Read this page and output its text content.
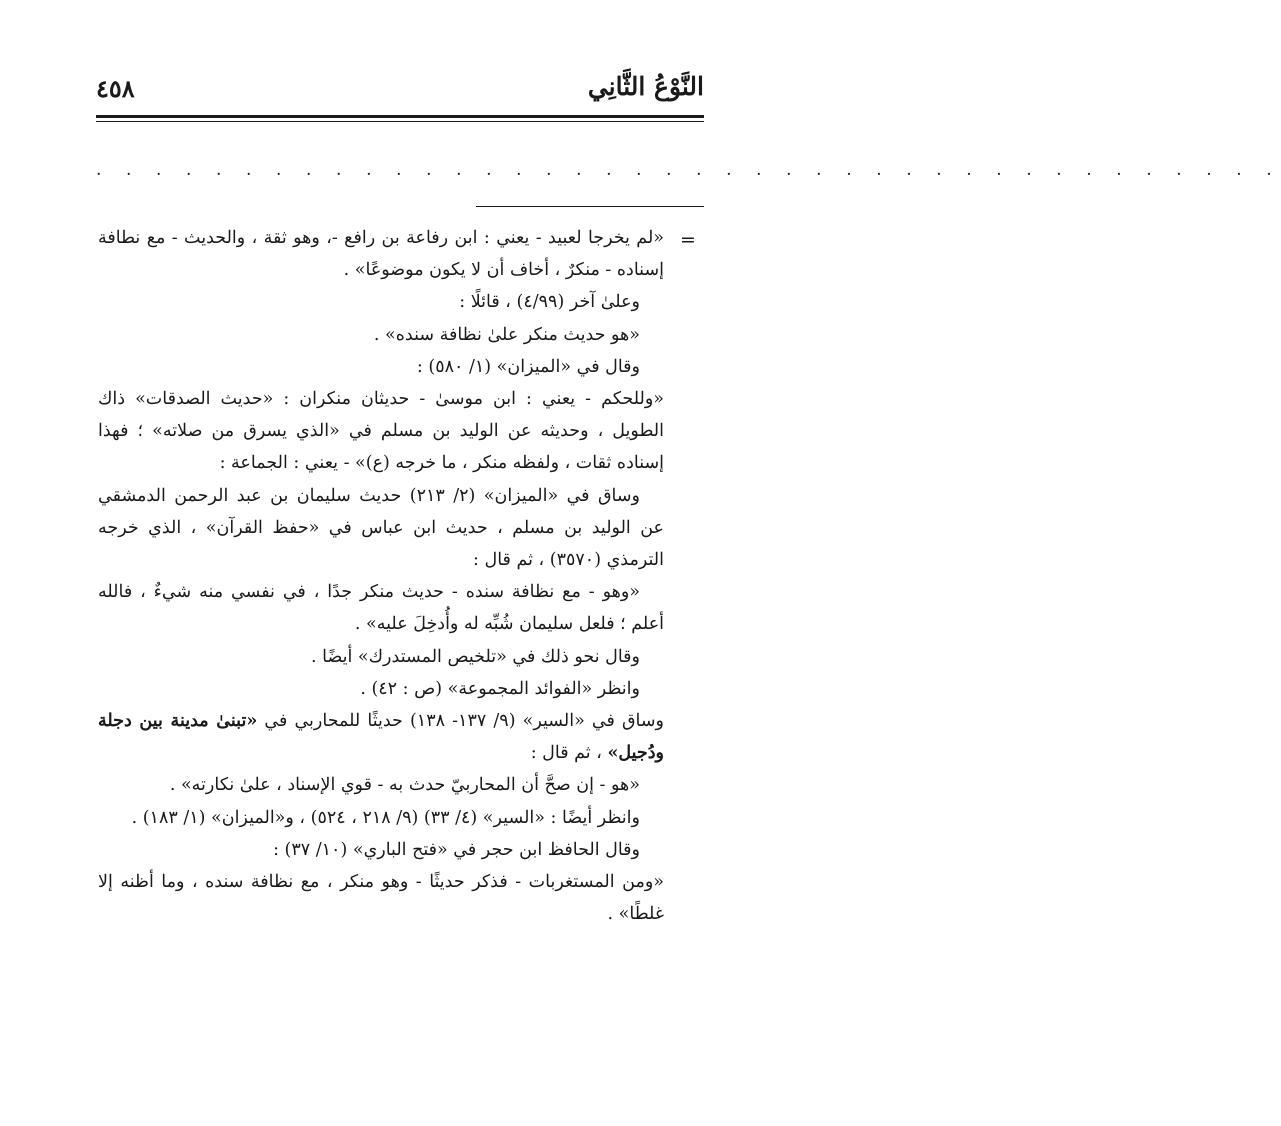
النَّوْعُ الثَّانِي
٤٥٨
. . . . . . . . . . . . . . . . . . . . . . . . . . . . . . . . . . . . . . . .
=

«لم يخرجا لعبيد - يعني : ابن رفاعة بن رافع -، وهو ثقة ، والحديث - مع نطافة إسناده - منكرٌ ، أخاف أن لا يكون موضوعًا» .

وعلىٰ آخر (٤/٩٩) ، قائلًا :

«هو حديث منكر علىٰ نظافة سنده» .

وقال في «الميزان» (١/ ٥٨٠) :

«وللحكم - يعني : ابن موسىٰ - حديثان منكران : «حديث الصدقات» ذاك الطويل ، وحديثه عن الوليد بن مسلم في «الذي يسرق من صلاته» ؛ فهذا إسناده ثقات ، ولفظه منكر ، ما خرجه (ع)» - يعني : الجماعة :

وساق في «الميزان» (٢/ ٢١٣) حديث سليمان بن عبد الرحمن الدمشقي عن الوليد بن مسلم ، حديث ابن عباس في «حفظ القرآن» ، الذي خرجه الترمذي (٣٥٧٠) ، ثم قال :

«وهو - مع نظافة سنده - حديث منكر جدًا ، في نفسي منه شيءٌ ، فالله أعلم ؛ فلعل سليمان شُبِّه له وأُدخِلَ عليه» .

وقال نحو ذلك في «تلخيص المستدرك» أيضًا .

وانظر «الفوائد المجموعة» (ص : ٤٢) .

وساق في «السير» (٩/ ١٣٧- ١٣٨) حديثًا للمحاربي في «تبنىٰ مدينة بين دجلة ودُجيل» ، ثم قال :

«هو - إن صحَّ أن المحاربيّ حدث به - قوي الإسناد ، علىٰ نكارته» .

وانظر أيضًا : «السير» (٤/ ٣٣) (٩/ ٢١٨ ، ٥٢٤) ، و«الميزان» (١/ ١٨٣) .

وقال الحافظ ابن حجر في «فتح الباري» (١٠/ ٣٧) :

«ومن المستغربات - فذكر حديثًا - وهو منكر ، مع نظافة سنده ، وما أظنه إلا غلطًا» .
